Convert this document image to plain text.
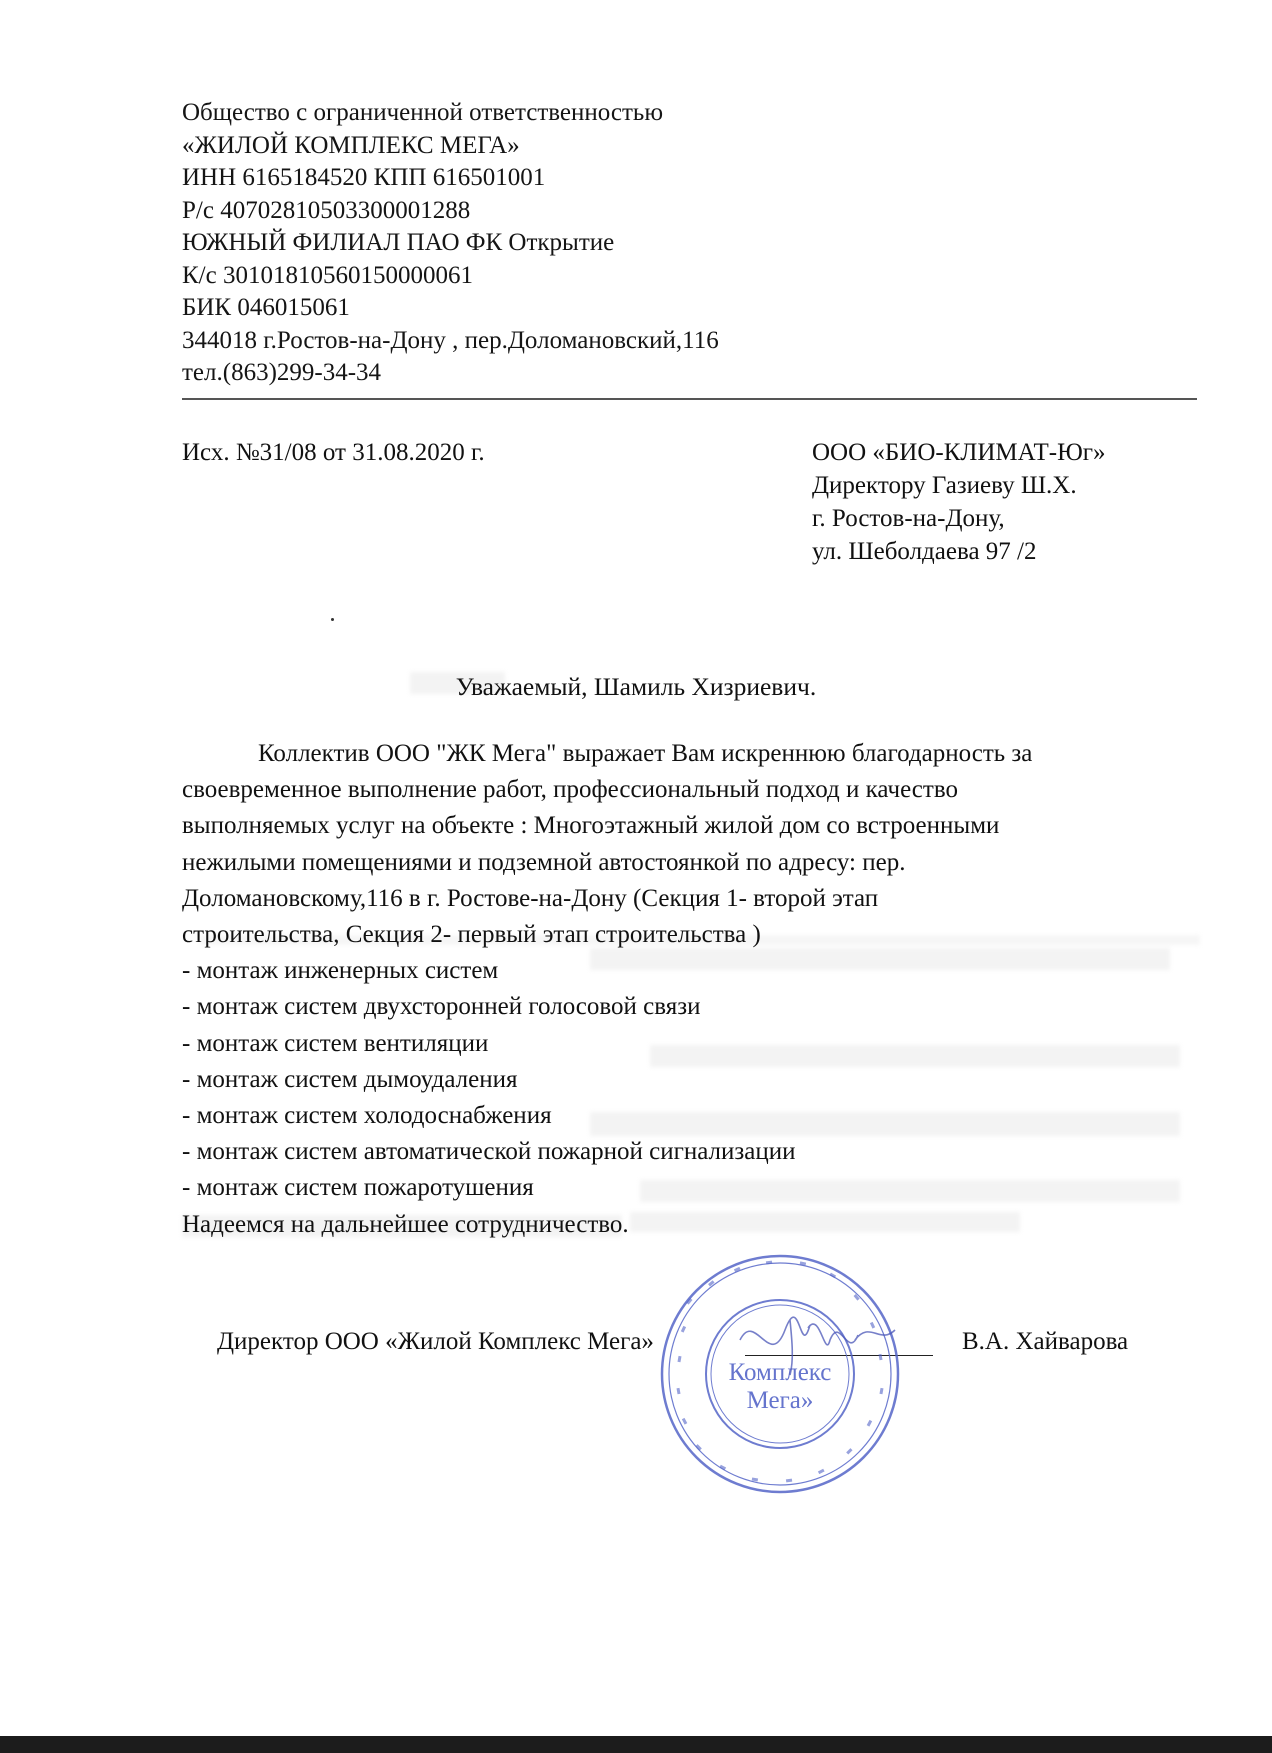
Общество с ограниченной ответственностью
«ЖИЛОЙ КОМПЛЕКС МЕГА»
ИНН 6165184520 КПП 616501001
Р/с 40702810503300001288
ЮЖНЫЙ ФИЛИАЛ ПАО ФК Открытие
К/с 30101810560150000061
БИК 046015061
344018 г.Ростов-на-Дону , пер.Доломановский,116
тел.(863)299-34-34
Исх. №31/08 от 31.08.2020 г.	ООО «БИО-КЛИМАТ-Юг»
Директору Газиеву Ш.Х.
г. Ростов-на-Дону,
ул. Шеболдаева 97 /2
Уважаемый, Шамиль Хизриевич.
Коллектив ООО "ЖК Мега" выражает Вам искреннюю благодарность за
своевременное выполнение работ, профессиональный подход и качество
выполняемых услуг на объекте : Многоэтажный жилой дом со встроенными
нежилыми помещениями и подземной автостоянкой по адресу: пер.
Доломановскому,116 в г. Ростове-на-Дону (Секция 1- второй этап
строительства, Секция 2- первый этап строительства )
- монтаж инженерных систем
- монтаж систем двухсторонней голосовой связи
- монтаж систем вентиляции
- монтаж систем дымоудаления
- монтаж систем холодоснабжения
- монтаж систем автоматической пожарной сигнализации
- монтаж систем пожаротушения
Надеемся на дальнейшее сотрудничество.
Директор ООО «Жилой Комплекс Мега»	В.А. Хайварова
Комплекс
Мега»
